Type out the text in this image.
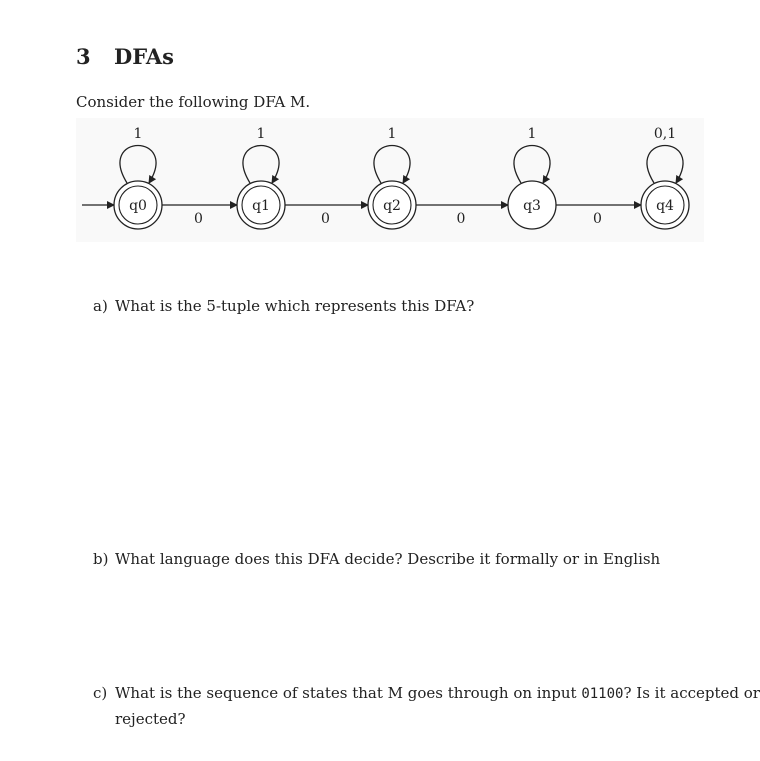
3 DFAs
Consider the following DFA M.
0	0	0	0
1
q0
1
q1
1
q2
1
q3
0,1
q4
a) What is the 5-tuple which represents this DFA?
b) What language does this DFA decide? Describe it formally or in English
c) What is the sequence of states that M goes through on input 01100? Is it accepted or
rejected?
